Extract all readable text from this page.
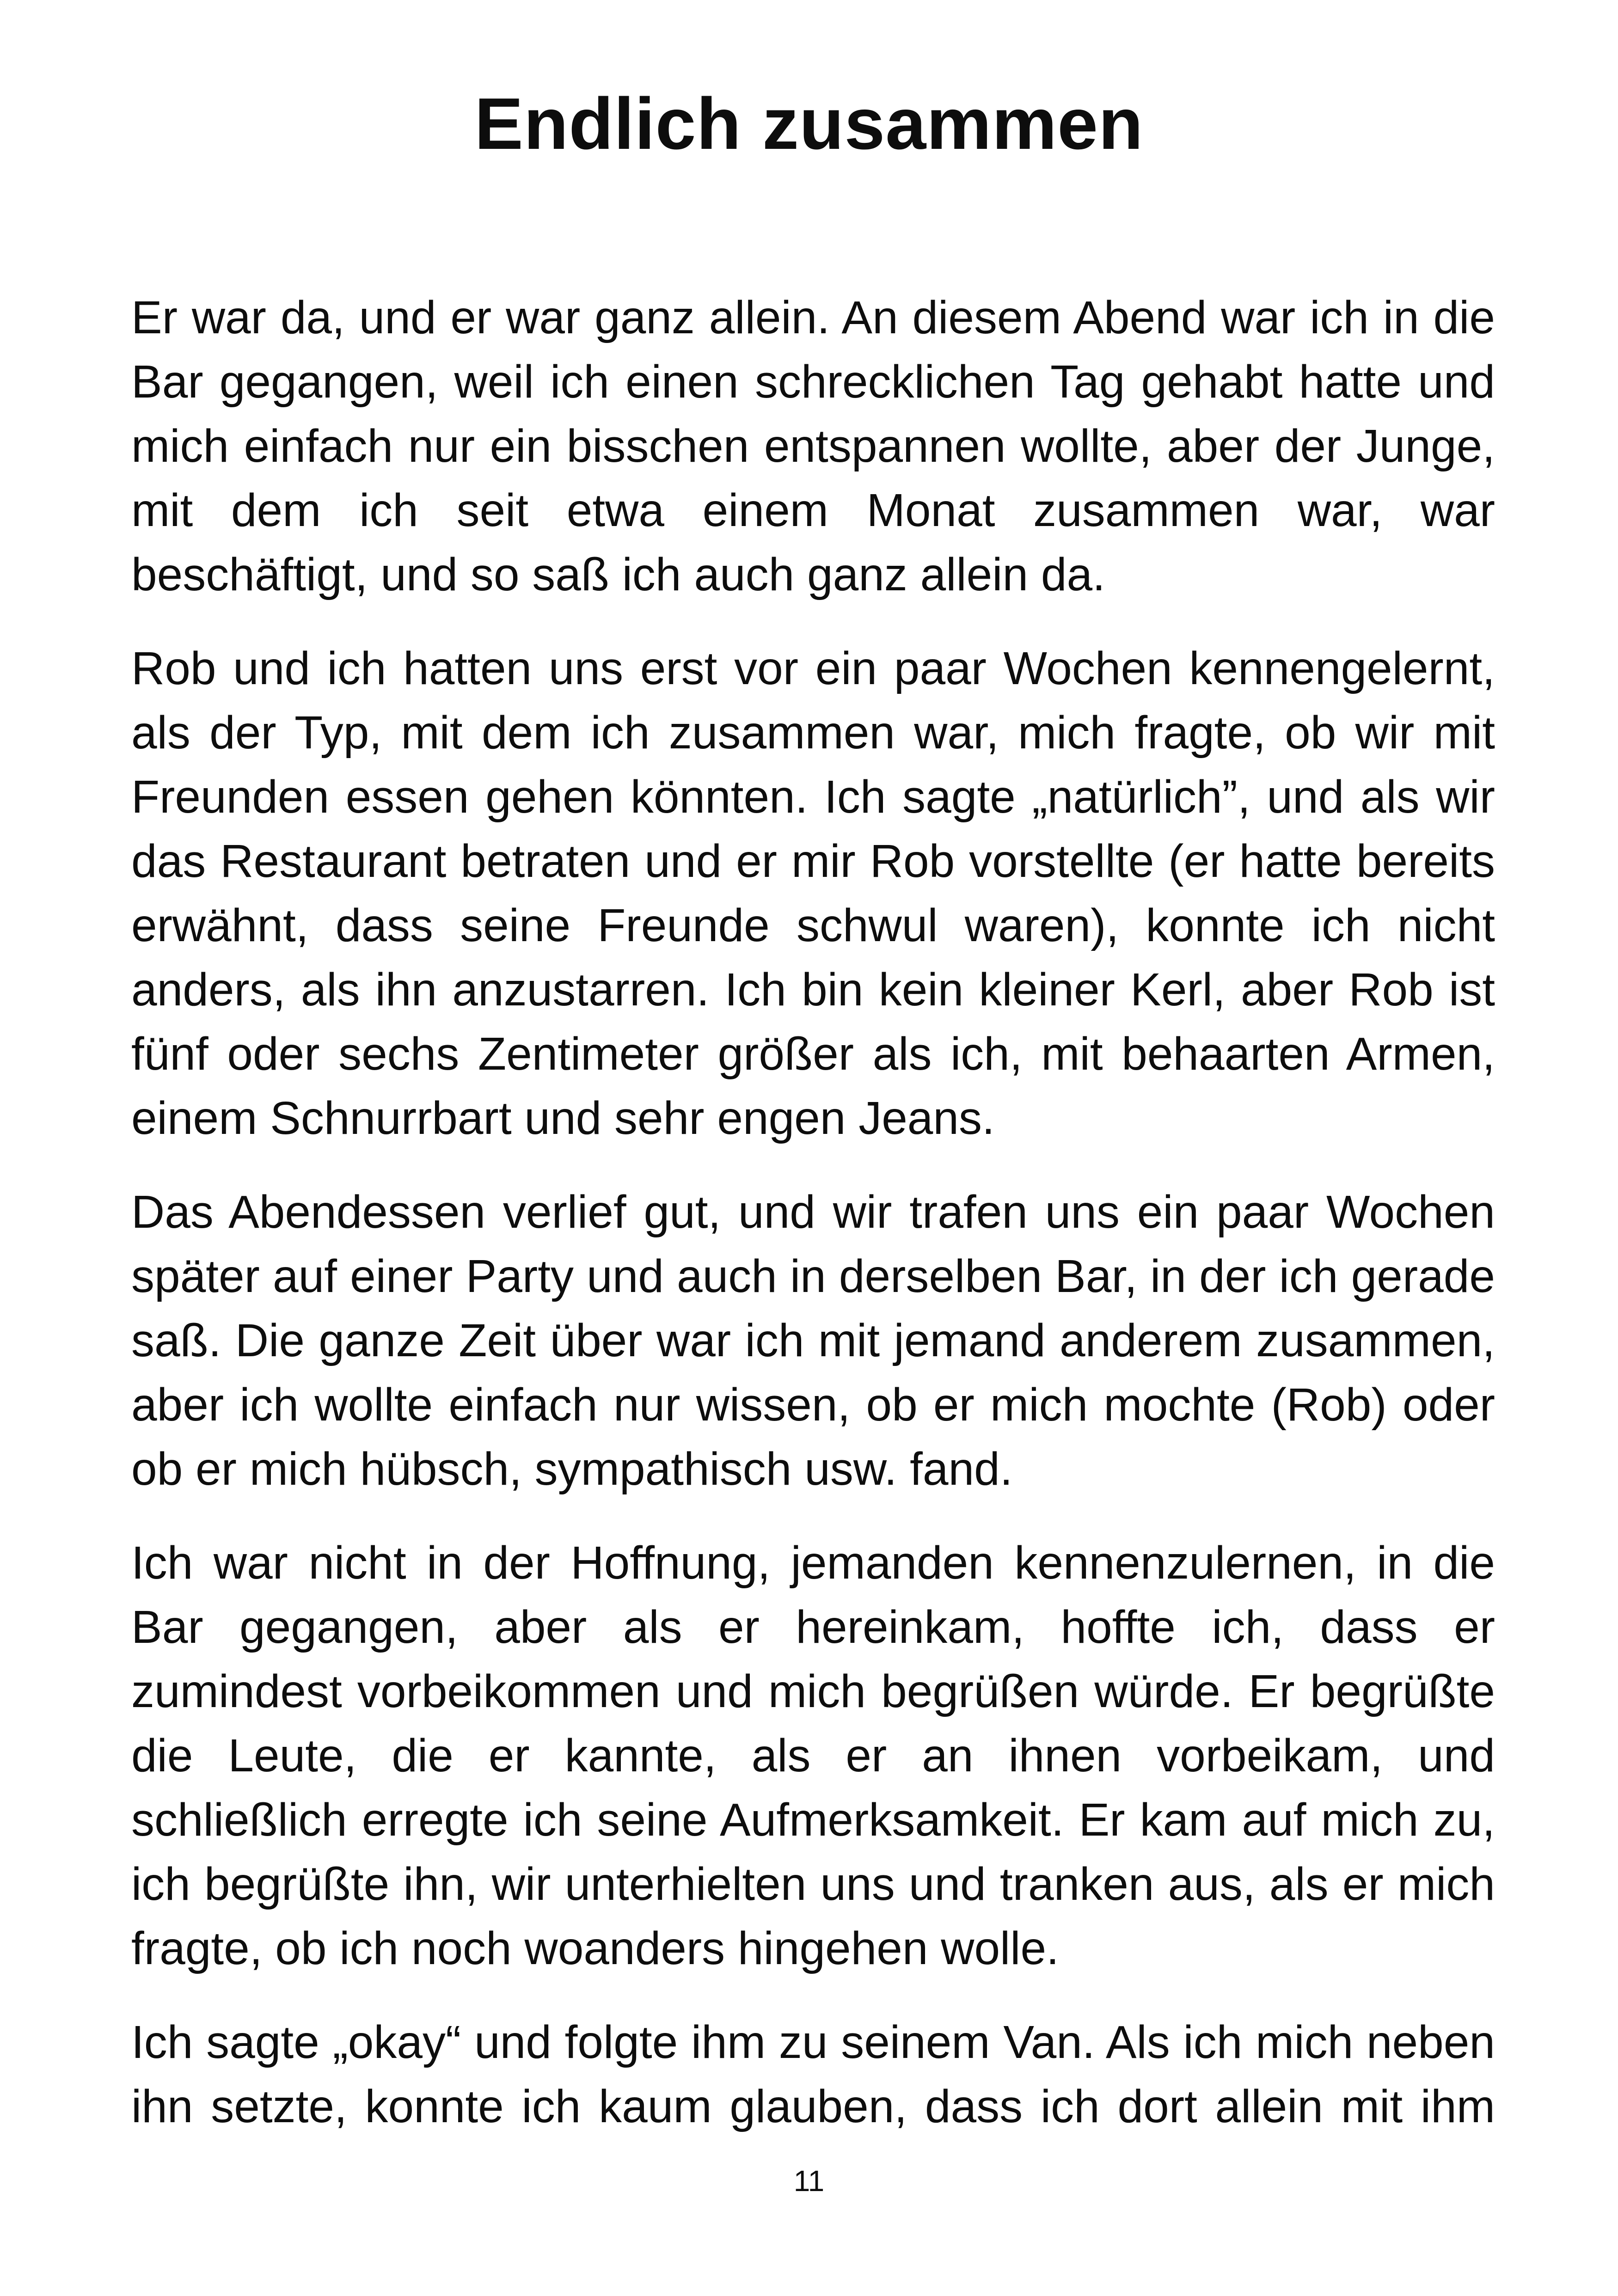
Endlich zusammen

Er war da, und er war ganz allein. An diesem Abend war ich in die Bar gegangen, weil ich einen schrecklichen Tag gehabt hatte und mich einfach nur ein bisschen entspannen wollte, aber der Junge, mit dem ich seit etwa einem Monat zusammen war, war beschäftigt, und so saß ich auch ganz allein da.

Rob und ich hatten uns erst vor ein paar Wochen kennengelernt, als der Typ, mit dem ich zusammen war, mich fragte, ob wir mit Freunden essen gehen könnten. Ich sagte „natürlich”, und als wir das Restaurant betraten und er mir Rob vorstellte (er hatte bereits erwähnt, dass seine Freunde schwul waren), konnte ich nicht anders, als ihn anzustarren. Ich bin kein kleiner Kerl, aber Rob ist fünf oder sechs Zentimeter größer als ich, mit behaarten Armen, einem Schnurrbart und sehr engen Jeans.

Das Abendessen verlief gut, und wir trafen uns ein paar Wochen später auf einer Party und auch in derselben Bar, in der ich gerade saß. Die ganze Zeit über war ich mit jemand anderem zusammen, aber ich wollte einfach nur wissen, ob er mich mochte (Rob) oder ob er mich hübsch, sympathisch usw. fand.

Ich war nicht in der Hoffnung, jemanden kennenzulernen, in die Bar gegangen, aber als er hereinkam, hoffte ich, dass er zumindest vorbeikommen und mich begrüßen würde. Er begrüßte die Leute, die er kannte, als er an ihnen vorbeikam, und schließlich erregte ich seine Aufmerksamkeit. Er kam auf mich zu, ich begrüßte ihn, wir unterhielten uns und tranken aus, als er mich fragte, ob ich noch woanders hingehen wolle.

Ich sagte „okay“ und folgte ihm zu seinem Van. Als ich mich neben ihn setzte, konnte ich kaum glauben, dass ich dort allein mit ihm

11
